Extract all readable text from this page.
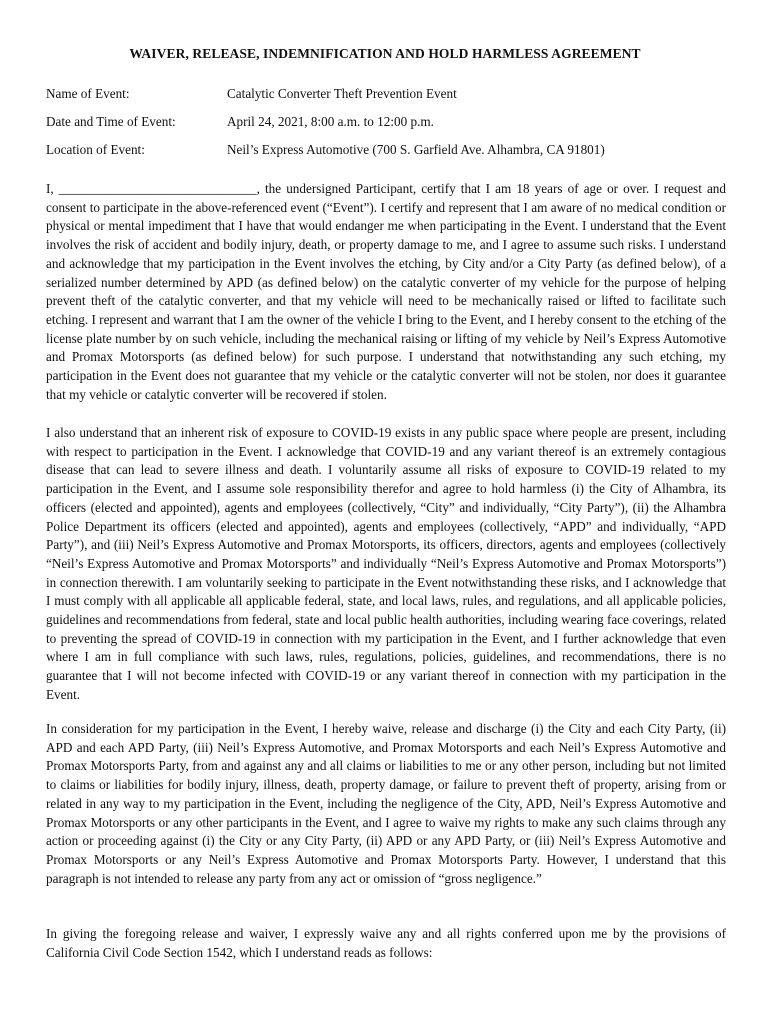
WAIVER, RELEASE, INDEMNIFICATION AND HOLD HARMLESS AGREEMENT
Name of Event:	Catalytic Converter Theft Prevention Event
Date and Time of Event:	April 24, 2021, 8:00 a.m. to 12:00 p.m.
Location of Event:	Neil’s Express Automotive (700 S. Garfield Ave. Alhambra, CA 91801)

I, ______________________________, the undersigned Participant, certify that I am 18 years of age or over. I request and consent to participate in the above-referenced event (“Event”). I certify and represent that I am aware of no medical condition or physical or mental impediment that I have that would endanger me when participating in the Event. I understand that the Event involves the risk of accident and bodily injury, death, or property damage to me, and I agree to assume such risks. I understand and acknowledge that my participation in the Event involves the etching, by City and/or a City Party (as defined below), of a serialized number determined by APD (as defined below) on the catalytic converter of my vehicle for the purpose of helping prevent theft of the catalytic converter, and that my vehicle will need to be mechanically raised or lifted to facilitate such etching. I represent and warrant that I am the owner of the vehicle I bring to the Event, and I hereby consent to the etching of the license plate number by on such vehicle, including the mechanical raising or lifting of my vehicle by Neil’s Express Automotive and Promax Motorsports (as defined below) for such purpose. I understand that notwithstanding any such etching, my participation in the Event does not guarantee that my vehicle or the catalytic converter will not be stolen, nor does it guarantee that my vehicle or catalytic converter will be recovered if stolen.

I also understand that an inherent risk of exposure to COVID-19 exists in any public space where people are present, including with respect to participation in the Event. I acknowledge that COVID-19 and any variant thereof is an extremely contagious disease that can lead to severe illness and death. I voluntarily assume all risks of exposure to COVID-19 related to my participation in the Event, and I assume sole responsibility therefor and agree to hold harmless (i) the City of Alhambra, its officers (elected and appointed), agents and employees (collectively, “City” and individually, “City Party”), (ii) the Alhambra Police Department its officers (elected and appointed), agents and employees (collectively, “APD” and individually, “APD Party”), and (iii) Neil’s Express Automotive and Promax Motorsports, its officers, directors, agents and employees (collectively “Neil’s Express Automotive and Promax Motorsports” and individually “Neil’s Express Automotive and Promax Motorsports”) in connection therewith. I am voluntarily seeking to participate in the Event notwithstanding these risks, and I acknowledge that I must comply with all applicable all applicable federal, state, and local laws, rules, and regulations, and all applicable policies, guidelines and recommendations from federal, state and local public health authorities, including wearing face coverings, related to preventing the spread of COVID-19 in connection with my participation in the Event, and I further acknowledge that even where I am in full compliance with such laws, rules, regulations, policies, guidelines, and recommendations, there is no guarantee that I will not become infected with COVID-19 or any variant thereof in connection with my participation in the Event.

In consideration for my participation in the Event, I hereby waive, release and discharge (i) the City and each City Party, (ii) APD and each APD Party, (iii) Neil’s Express Automotive, and Promax Motorsports and each Neil’s Express Automotive and Promax Motorsports Party, from and against any and all claims or liabilities to me or any other person, including but not limited to claims or liabilities for bodily injury, illness, death, property damage, or failure to prevent theft of property, arising from or related in any way to my participation in the Event, including the negligence of the City, APD, Neil’s Express Automotive and Promax Motorsports or any other participants in the Event, and I agree to waive my rights to make any such claims through any action or proceeding against (i) the City or any City Party, (ii) APD or any APD Party, or (iii) Neil’s Express Automotive and Promax Motorsports or any Neil’s Express Automotive and Promax Motorsports Party. However, I understand that this paragraph is not intended to release any party from any act or omission of “gross negligence.”

In giving the foregoing release and waiver, I expressly waive any and all rights conferred upon me by the provisions of California Civil Code Section 1542, which I understand reads as follows:
